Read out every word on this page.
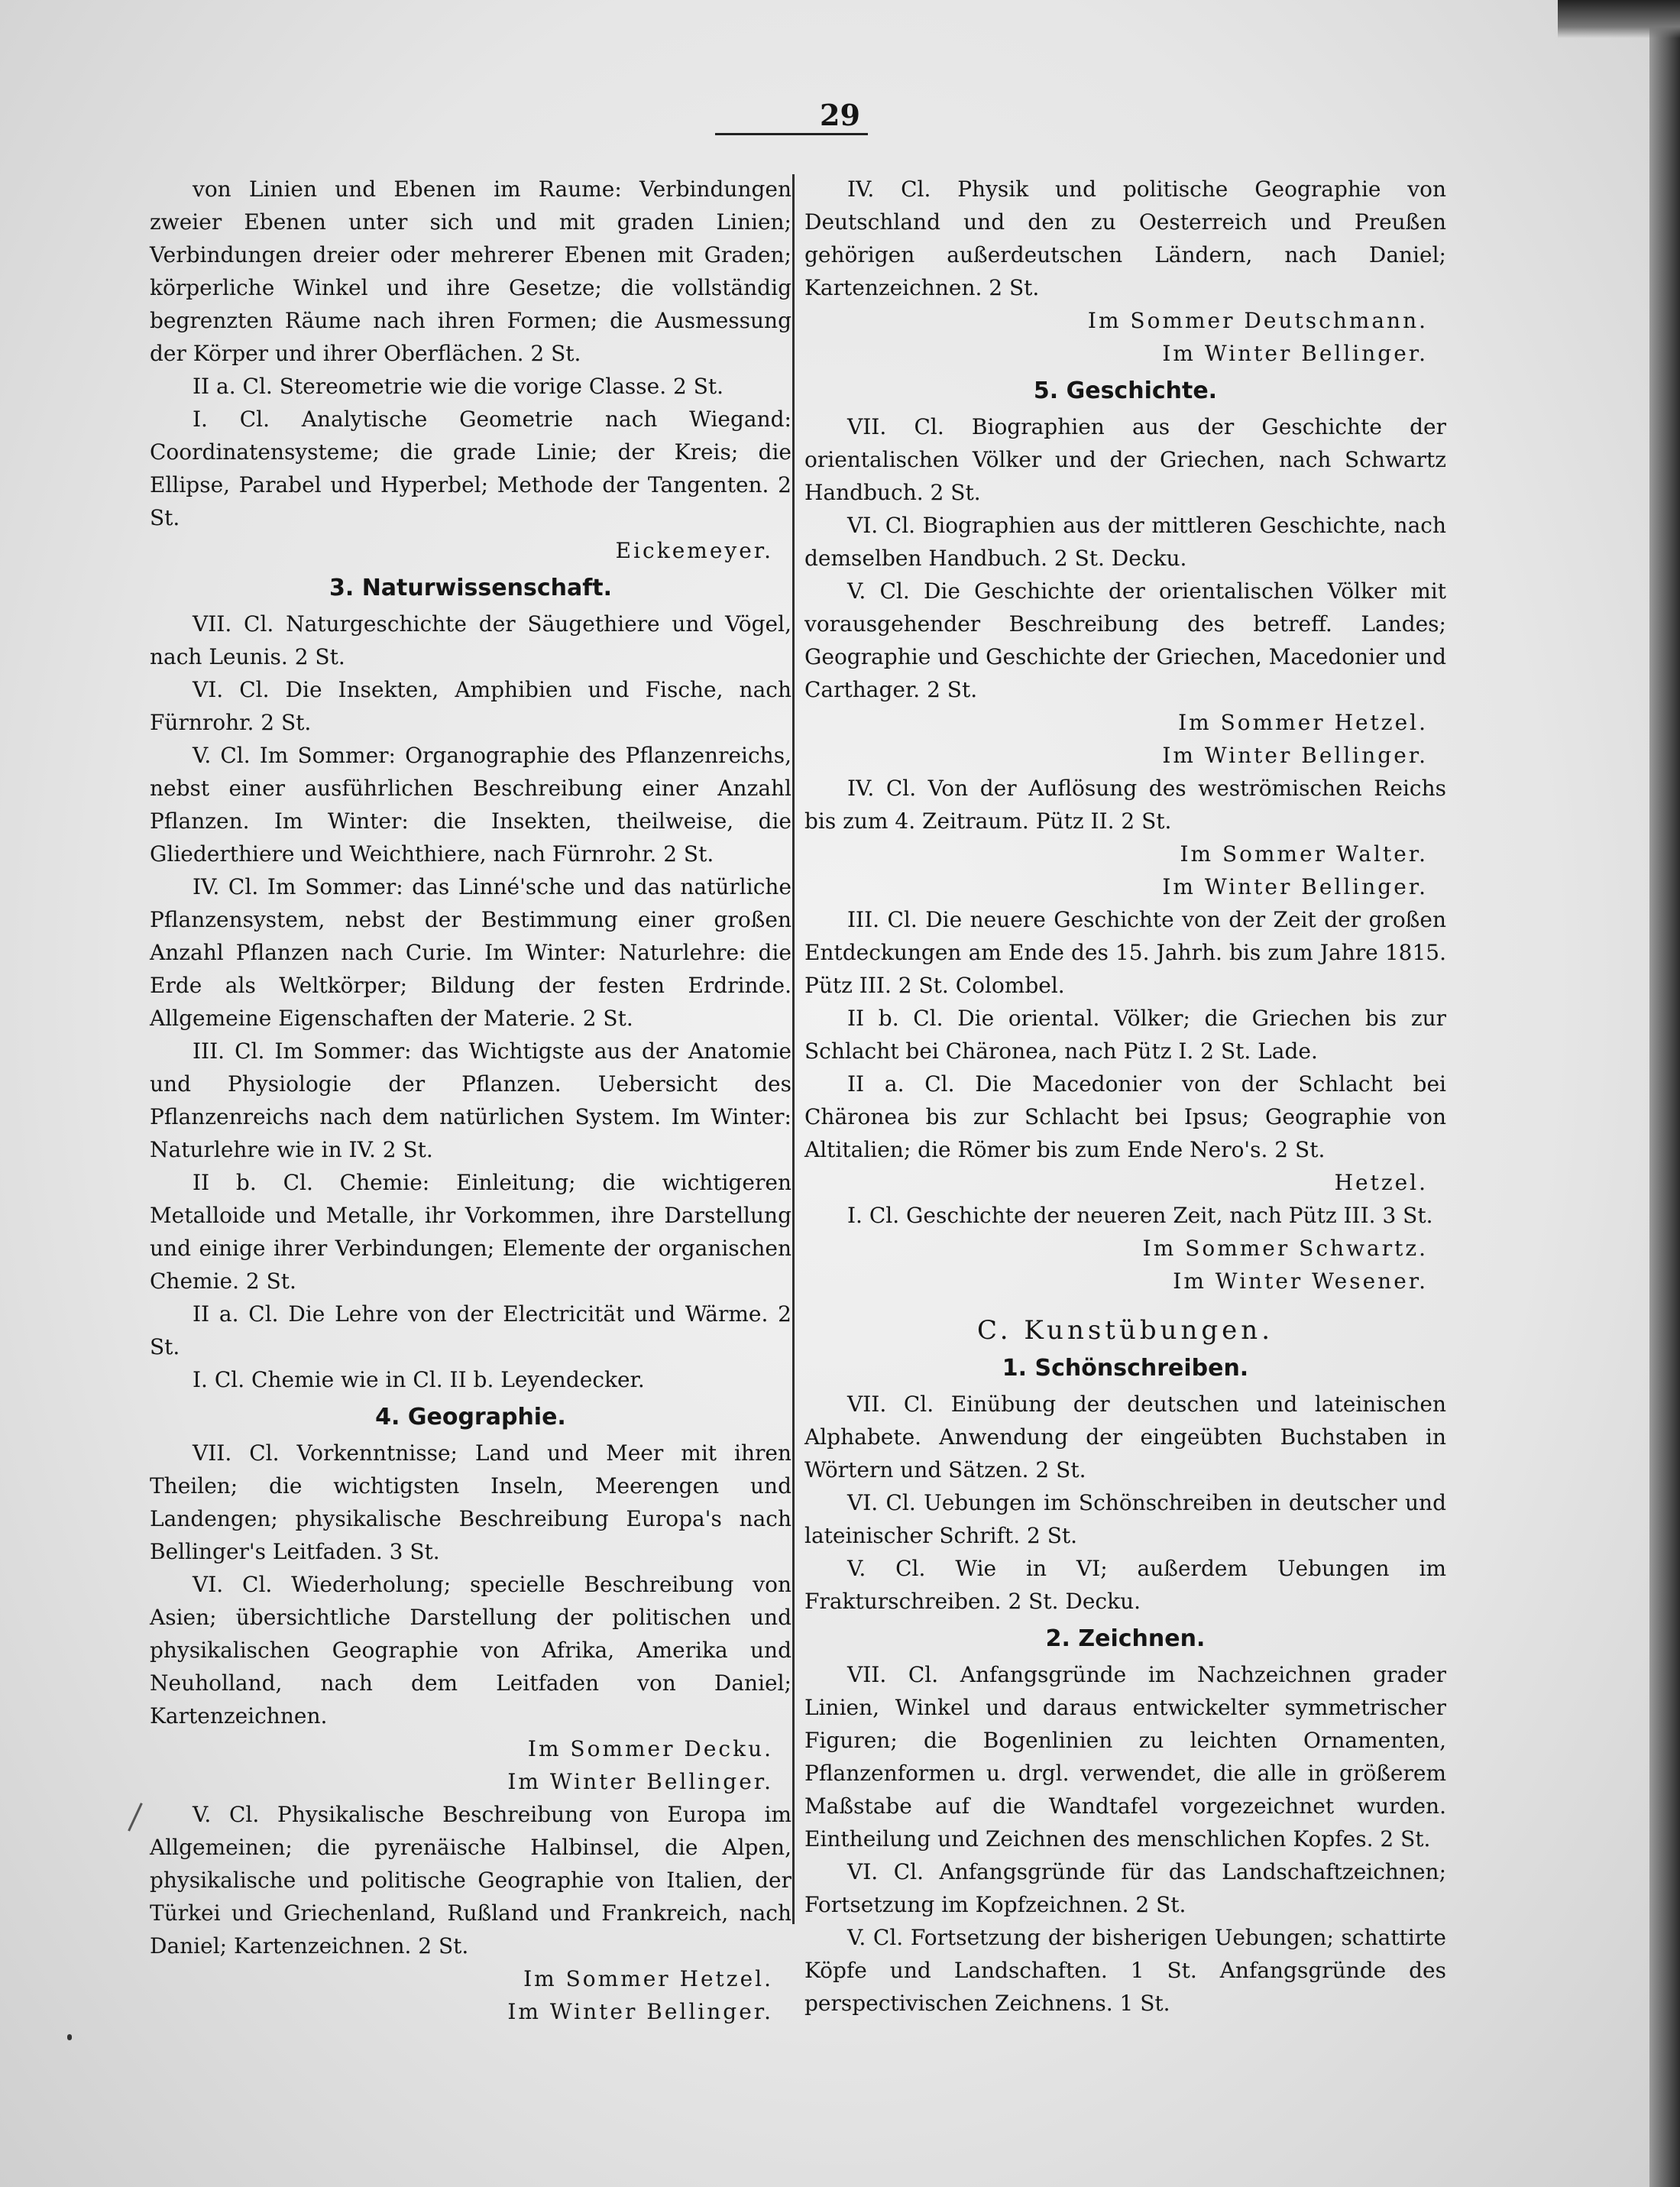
29

von Linien und Ebenen im Raume: Verbindungen zweier Ebenen unter sich und mit graden Linien; Verbindungen dreier oder mehrerer Ebenen mit Graden; körperliche Winkel und ihre Gesetze; die vollständig begrenzten Räume nach ihren Formen; die Ausmessung der Körper und ihrer Oberflächen. 2 St.

II a. Cl. Stereometrie wie die vorige Classe. 2 St.

I. Cl. Analytische Geometrie nach Wiegand: Coordinatensysteme; die grade Linie; der Kreis; die Ellipse, Parabel und Hyperbel; Methode der Tangenten. 2 St.

Eickemeyer.

3. Naturwissenschaft.

VII. Cl. Naturgeschichte der Säugethiere und Vögel, nach Leunis. 2 St.

VI. Cl. Die Insekten, Amphibien und Fische, nach Fürnrohr. 2 St.

V. Cl. Im Sommer: Organographie des Pflanzenreichs, nebst einer ausführlichen Beschreibung einer Anzahl Pflanzen. Im Winter: die Insekten, theilweise, die Gliederthiere und Weichthiere, nach Fürnrohr. 2 St.

IV. Cl. Im Sommer: das Linné'sche und das natürliche Pflanzensystem, nebst der Bestimmung einer großen Anzahl Pflanzen nach Curie. Im Winter: Naturlehre: die Erde als Weltkörper; Bildung der festen Erdrinde. Allgemeine Eigenschaften der Materie. 2 St.

III. Cl. Im Sommer: das Wichtigste aus der Anatomie und Physiologie der Pflanzen. Uebersicht des Pflanzenreichs nach dem natürlichen System. Im Winter: Naturlehre wie in IV. 2 St.

II b. Cl. Chemie: Einleitung; die wichtigeren Metalloide und Metalle, ihr Vorkommen, ihre Darstellung und einige ihrer Verbindungen; Elemente der organischen Chemie. 2 St.

II a. Cl. Die Lehre von der Electricität und Wärme. 2 St.

I. Cl. Chemie wie in Cl. II b. Leyendecker.

4. Geographie.

VII. Cl. Vorkenntnisse; Land und Meer mit ihren Theilen; die wichtigsten Inseln, Meerengen und Landengen; physikalische Beschreibung Europa's nach Bellinger's Leitfaden. 3 St.

VI. Cl. Wiederholung; specielle Beschreibung von Asien; übersichtliche Darstellung der politischen und physikalischen Geographie von Afrika, Amerika und Neuholland, nach dem Leitfaden von Daniel; Kartenzeichnen.

Im Sommer Decku.

Im Winter Bellinger.

V. Cl. Physikalische Beschreibung von Europa im Allgemeinen; die pyrenäische Halbinsel, die Alpen, physikalische und politische Geographie von Italien, der Türkei und Griechenland, Rußland und Frankreich, nach Daniel; Kartenzeichnen. 2 St.

Im Sommer Hetzel.

Im Winter Bellinger.

IV. Cl. Physik und politische Geographie von Deutschland und den zu Oesterreich und Preußen gehörigen außerdeutschen Ländern, nach Daniel; Kartenzeichnen. 2 St.

Im Sommer Deutschmann.

Im Winter Bellinger.

5. Geschichte.

VII. Cl. Biographien aus der Geschichte der orientalischen Völker und der Griechen, nach Schwartz Handbuch. 2 St.

VI. Cl. Biographien aus der mittleren Geschichte, nach demselben Handbuch. 2 St. Decku.

V. Cl. Die Geschichte der orientalischen Völker mit vorausgehender Beschreibung des betreff. Landes; Geographie und Geschichte der Griechen, Macedonier und Carthager. 2 St.

Im Sommer Hetzel.

Im Winter Bellinger.

IV. Cl. Von der Auflösung des weströmischen Reichs bis zum 4. Zeitraum. Pütz II. 2 St.

Im Sommer Walter.

Im Winter Bellinger.

III. Cl. Die neuere Geschichte von der Zeit der großen Entdeckungen am Ende des 15. Jahrh. bis zum Jahre 1815. Pütz III. 2 St. Colombel.

II b. Cl. Die oriental. Völker; die Griechen bis zur Schlacht bei Chäronea, nach Pütz I. 2 St. Lade.

II a. Cl. Die Macedonier von der Schlacht bei Chäronea bis zur Schlacht bei Ipsus; Geographie von Altitalien; die Römer bis zum Ende Nero's. 2 St.

Hetzel.

I. Cl. Geschichte der neueren Zeit, nach Pütz III. 3 St.

Im Sommer Schwartz.

Im Winter Wesener.

C. Kunstübungen.

1. Schönschreiben.

VII. Cl. Einübung der deutschen und lateinischen Alphabete. Anwendung der eingeübten Buchstaben in Wörtern und Sätzen. 2 St.

VI. Cl. Uebungen im Schönschreiben in deutscher und lateinischer Schrift. 2 St.

V. Cl. Wie in VI; außerdem Uebungen im Frakturschreiben. 2 St. Decku.

2. Zeichnen.

VII. Cl. Anfangsgründe im Nachzeichnen grader Linien, Winkel und daraus entwickelter symmetrischer Figuren; die Bogenlinien zu leichten Ornamenten, Pflanzenformen u. drgl. verwendet, die alle in größerem Maßstabe auf die Wandtafel vorgezeichnet wurden. Eintheilung und Zeichnen des menschlichen Kopfes. 2 St.

VI. Cl. Anfangsgründe für das Landschaftzeichnen; Fortsetzung im Kopfzeichnen. 2 St.

V. Cl. Fortsetzung der bisherigen Uebungen; schattirte Köpfe und Landschaften. 1 St. Anfangsgründe des perspectivischen Zeichnens. 1 St.
